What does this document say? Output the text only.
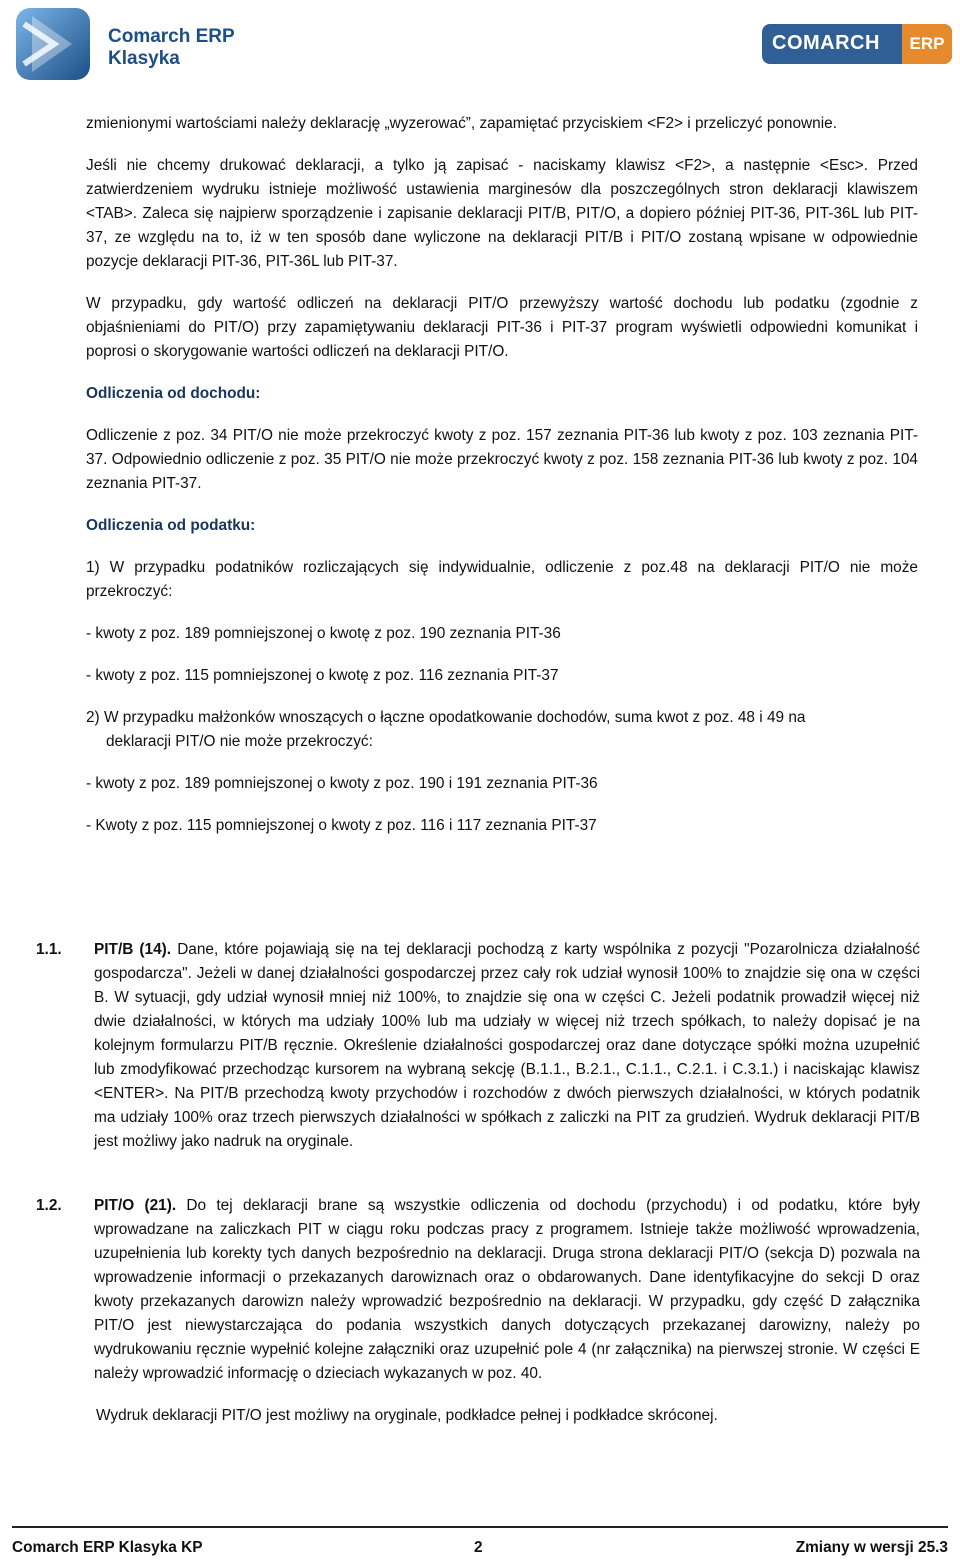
Comarch ERP
Klasyka
COMARCH	ERP

zmienionymi wartościami należy deklarację „wyzerować”, zapamiętać przyciskiem <F2> i przeliczyć ponownie.

Jeśli nie chcemy drukować deklaracji, a tylko ją zapisać - naciskamy klawisz <F2>, a następnie <Esc>. Przed zatwierdzeniem wydruku istnieje możliwość ustawienia marginesów dla poszczególnych stron deklaracji klawiszem <TAB>. Zaleca się najpierw sporządzenie i zapisanie deklaracji PIT/B, PIT/O, a dopiero później PIT-36, PIT-36L lub PIT-37, ze względu na to, iż w ten sposób dane wyliczone na deklaracji PIT/B i PIT/O zostaną wpisane w odpowiednie pozycje deklaracji PIT-36, PIT-36L lub PIT-37.

W przypadku, gdy wartość odliczeń na deklaracji PIT/O przewyższy wartość dochodu lub podatku (zgodnie z objaśnieniami do PIT/O) przy zapamiętywaniu deklaracji PIT-36 i PIT-37 program wyświetli odpowiedni komunikat i poprosi o skorygowanie wartości odliczeń na deklaracji PIT/O.

Odliczenia od dochodu:

Odliczenie z poz. 34 PIT/O nie może przekroczyć kwoty z poz. 157 zeznania PIT-36 lub kwoty z poz. 103 zeznania PIT-37. Odpowiednio odliczenie z poz. 35 PIT/O nie może przekroczyć kwoty z poz. 158 zeznania PIT-36 lub kwoty z poz. 104 zeznania PIT-37.

Odliczenia od podatku:

1) W przypadku podatników rozliczających się indywidualnie, odliczenie z poz.48 na deklaracji PIT/O nie może przekroczyć:

- kwoty z poz. 189 pomniejszonej o kwotę z poz. 190 zeznania PIT-36

- kwoty z poz. 115 pomniejszonej o kwotę z poz. 116 zeznania PIT-37

2) W przypadku małżonków wnoszących o łączne opodatkowanie dochodów, suma kwot z poz. 48 i 49 na

deklaracji PIT/O nie może przekroczyć:

- kwoty z poz. 189 pomniejszonej o kwoty z poz. 190 i 191 zeznania PIT-36

- Kwoty z poz. 115 pomniejszonej o kwoty z poz. 116 i 117 zeznania PIT-37

1.1. PIT/B (14). Dane, które pojawiają się na tej deklaracji pochodzą z karty wspólnika z pozycji "Pozarolnicza działalność gospodarcza". Jeżeli w danej działalności gospodarczej przez cały rok udział wynosił 100% to znajdzie się ona w części B. W sytuacji, gdy udział wynosił mniej niż 100%, to znajdzie się ona w części C. Jeżeli podatnik prowadził więcej niż dwie działalności, w których ma udziały 100% lub ma udziały w więcej niż trzech spółkach, to należy dopisać je na kolejnym formularzu PIT/B ręcznie. Określenie działalności gospodarczej oraz dane dotyczące spółki można uzupełnić lub zmodyfikować przechodząc kursorem na wybraną sekcję (B.1.1., B.2.1., C.1.1., C.2.1. i C.3.1.) i naciskając klawisz <ENTER>. Na PIT/B przechodzą kwoty przychodów i rozchodów z dwóch pierwszych działalności, w których podatnik ma udziały 100% oraz trzech pierwszych działalności w spółkach z zaliczki na PIT za grudzień. Wydruk deklaracji PIT/B jest możliwy jako nadruk na oryginale.

1.2. PIT/O (21). Do tej deklaracji brane są wszystkie odliczenia od dochodu (przychodu) i od podatku, które były wprowadzane na zaliczkach PIT w ciągu roku podczas pracy z programem. Istnieje także możliwość wprowadzenia, uzupełnienia lub korekty tych danych bezpośrednio na deklaracji. Druga strona deklaracji PIT/O (sekcja D) pozwala na wprowadzenie informacji o przekazanych darowiznach oraz o obdarowanych. Dane identyfikacyjne do sekcji D oraz kwoty przekazanych darowizn należy wprowadzić bezpośrednio na deklaracji. W przypadku, gdy część D załącznika PIT/O jest niewystarczająca do podania wszystkich danych dotyczących przekazanej darowizny, należy po wydrukowaniu ręcznie wypełnić kolejne załączniki oraz uzupełnić pole 4 (nr załącznika) na pierwszej stronie. W części E należy wprowadzić informację o dzieciach wykazanych w poz. 40.

Wydruk deklaracji PIT/O jest możliwy na oryginale, podkładce pełnej i podkładce skróconej.

Comarch ERP Klasyka KP	2	Zmiany w wersji 25.3
